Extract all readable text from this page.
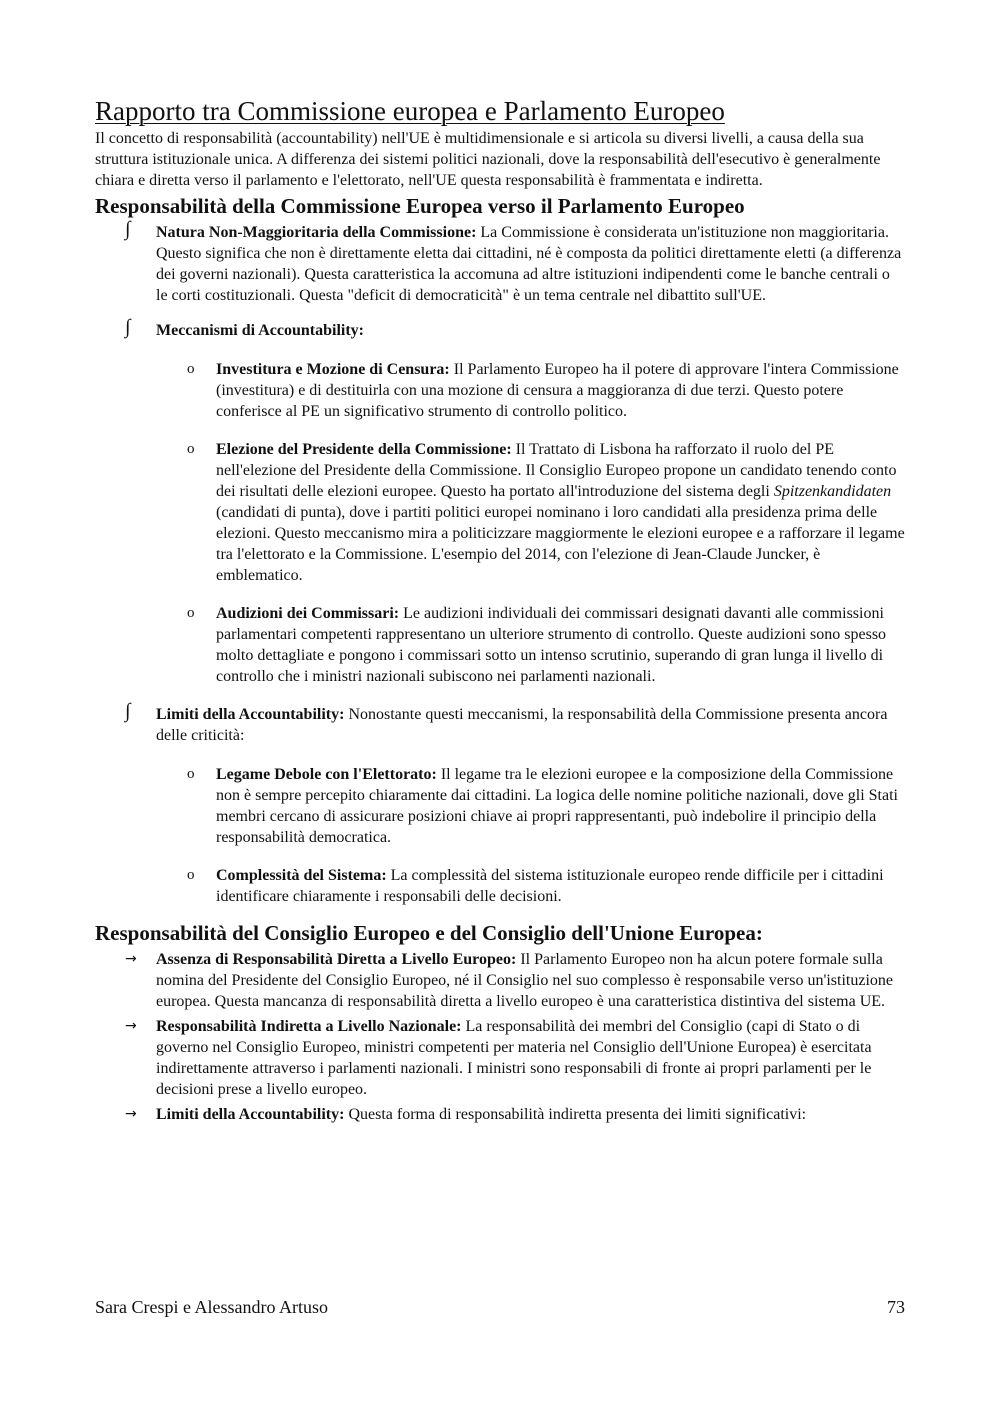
Rapporto tra Commissione europea e Parlamento Europeo

Il concetto di responsabilità (accountability) nell'UE è multidimensionale e si articola su diversi livelli, a causa della sua struttura istituzionale unica. A differenza dei sistemi politici nazionali, dove la responsabilità dell'esecutivo è generalmente chiara e diretta verso il parlamento e l'elettorato, nell'UE questa responsabilità è frammentata e indiretta.

Responsabilità della Commissione Europea verso il Parlamento Europeo
∫ Natura Non-Maggioritaria della Commissione: La Commissione è considerata un'istituzione non maggioritaria. Questo significa che non è direttamente eletta dai cittadini, né è composta da politici direttamente eletti (a differenza dei governi nazionali). Questa caratteristica la accomuna ad altre istituzioni indipendenti come le banche centrali o le corti costituzionali. Questa "deficit di democraticità" è un tema centrale nel dibattito sull'UE.
∫ Meccanismi di Accountability:
o	Investitura e Mozione di Censura: Il Parlamento Europeo ha il potere di approvare l'intera Commissione (investitura) e di destituirla con una mozione di censura a maggioranza di due terzi. Questo potere conferisce al PE un significativo strumento di controllo politico.
o	Elezione del Presidente della Commissione: Il Trattato di Lisbona ha rafforzato il ruolo del PE nell'elezione del Presidente della Commissione. Il Consiglio Europeo propone un candidato tenendo conto dei risultati delle elezioni europee. Questo ha portato all'introduzione del sistema degli Spitzenkandidaten (candidati di punta), dove i partiti politici europei nominano i loro candidati alla presidenza prima delle elezioni. Questo meccanismo mira a politicizzare maggiormente le elezioni europee e a rafforzare il legame tra l'elettorato e la Commissione. L'esempio del 2014, con l'elezione di Jean-Claude Juncker, è emblematico.
o	Audizioni dei Commissari: Le audizioni individuali dei commissari designati davanti alle commissioni parlamentari competenti rappresentano un ulteriore strumento di controllo. Queste audizioni sono spesso molto dettagliate e pongono i commissari sotto un intenso scrutinio, superando di gran lunga il livello di controllo che i ministri nazionali subiscono nei parlamenti nazionali.
∫ Limiti della Accountability: Nonostante questi meccanismi, la responsabilità della Commissione presenta ancora delle criticità:
o	Legame Debole con l'Elettorato: Il legame tra le elezioni europee e la composizione della Commissione non è sempre percepito chiaramente dai cittadini. La logica delle nomine politiche nazionali, dove gli Stati membri cercano di assicurare posizioni chiave ai propri rappresentanti, può indebolire il principio della responsabilità democratica.
o	Complessità del Sistema: La complessità del sistema istituzionale europeo rende difficile per i cittadini identificare chiaramente i responsabili delle decisioni.
Responsabilità del Consiglio Europeo e del Consiglio dell'Unione Europea:
→ Assenza di Responsabilità Diretta a Livello Europeo: Il Parlamento Europeo non ha alcun potere formale sulla nomina del Presidente del Consiglio Europeo, né il Consiglio nel suo complesso è responsabile verso un'istituzione europea. Questa mancanza di responsabilità diretta a livello europeo è una caratteristica distintiva del sistema UE.
→ Responsabilità Indiretta a Livello Nazionale: La responsabilità dei membri del Consiglio (capi di Stato o di governo nel Consiglio Europeo, ministri competenti per materia nel Consiglio dell'Unione Europea) è esercitata indirettamente attraverso i parlamenti nazionali. I ministri sono responsabili di fronte ai propri parlamenti per le decisioni prese a livello europeo.
→ Limiti della Accountability: Questa forma di responsabilità indiretta presenta dei limiti significativi:
Sara Crespi e Alessandro Artuso	73
